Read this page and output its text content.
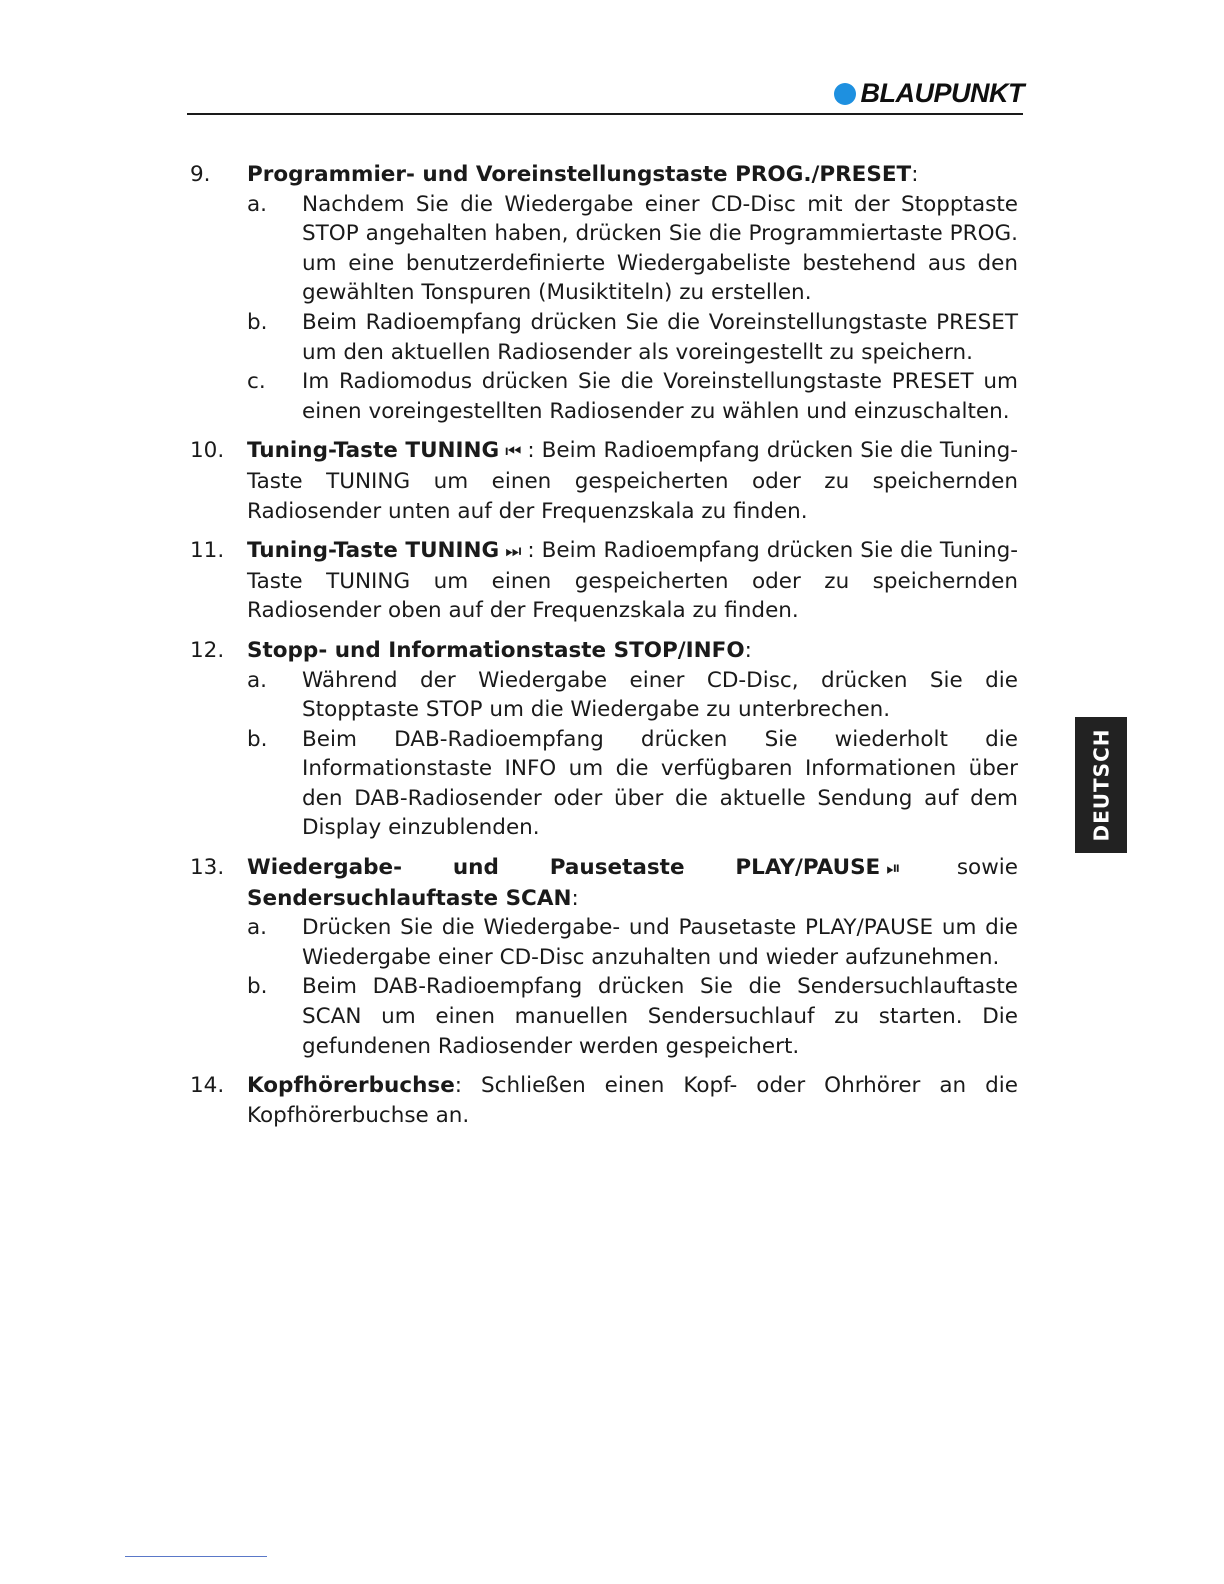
BLAUPUNKT
9.	Programmier- und Voreinstellungstaste PROG./PRESET:
a.	Nachdem Sie die Wiedergabe einer CD-Disc mit der Stopptaste STOP angehalten haben, drücken Sie die Programmiertaste PROG. um eine benutzerdefinierte Wiedergabeliste bestehend aus den gewählten Tonspuren (Musiktiteln) zu erstellen.
b.	Beim Radioempfang drücken Sie die Voreinstellungstaste PRESET um den aktuellen Radiosender als voreingestellt zu speichern.
c.	Im Radiomodus drücken Sie die Voreinstellungstaste PRESET um einen voreingestellten Radiosender zu wählen und einzuschalten.
10.	Tuning-Taste TUNING ⏮ : Beim Radioempfang drücken Sie die Tuning-Taste TUNING um einen gespeicherten oder zu speichernden Radiosender unten auf der Frequenzskala zu finden.
11.	Tuning-Taste TUNING ⏭ : Beim Radioempfang drücken Sie die Tuning-Taste TUNING um einen gespeicherten oder zu speichernden Radiosender oben auf der Frequenzskala zu finden.
12.	Stopp- und Informationstaste STOP/INFO:
a.	Während der Wiedergabe einer CD-Disc, drücken Sie die Stopptaste STOP um die Wiedergabe zu unterbrechen.
b.	Beim DAB-Radioempfang drücken Sie wiederholt die Informationstaste INFO um die verfügbaren Informationen über den DAB-Radiosender oder über die aktuelle Sendung auf dem Display einzublenden.
13.	Wiedergabe- und Pausetaste PLAY/PAUSE ⏯ sowie Sendersuchlauftaste SCAN:
a.	Drücken Sie die Wiedergabe- und Pausetaste PLAY/PAUSE um die Wiedergabe einer CD-Disc anzuhalten und wieder aufzunehmen.
b.	Beim DAB-Radioempfang drücken Sie die Sendersuchlauftaste SCAN um einen manuellen Sendersuchlauf zu starten. Die gefundenen Radiosender werden gespeichert.
14.	Kopfhörerbuchse: Schließen einen Kopf- oder Ohrhörer an die Kopfhörerbuchse an.
DEUTSCH
